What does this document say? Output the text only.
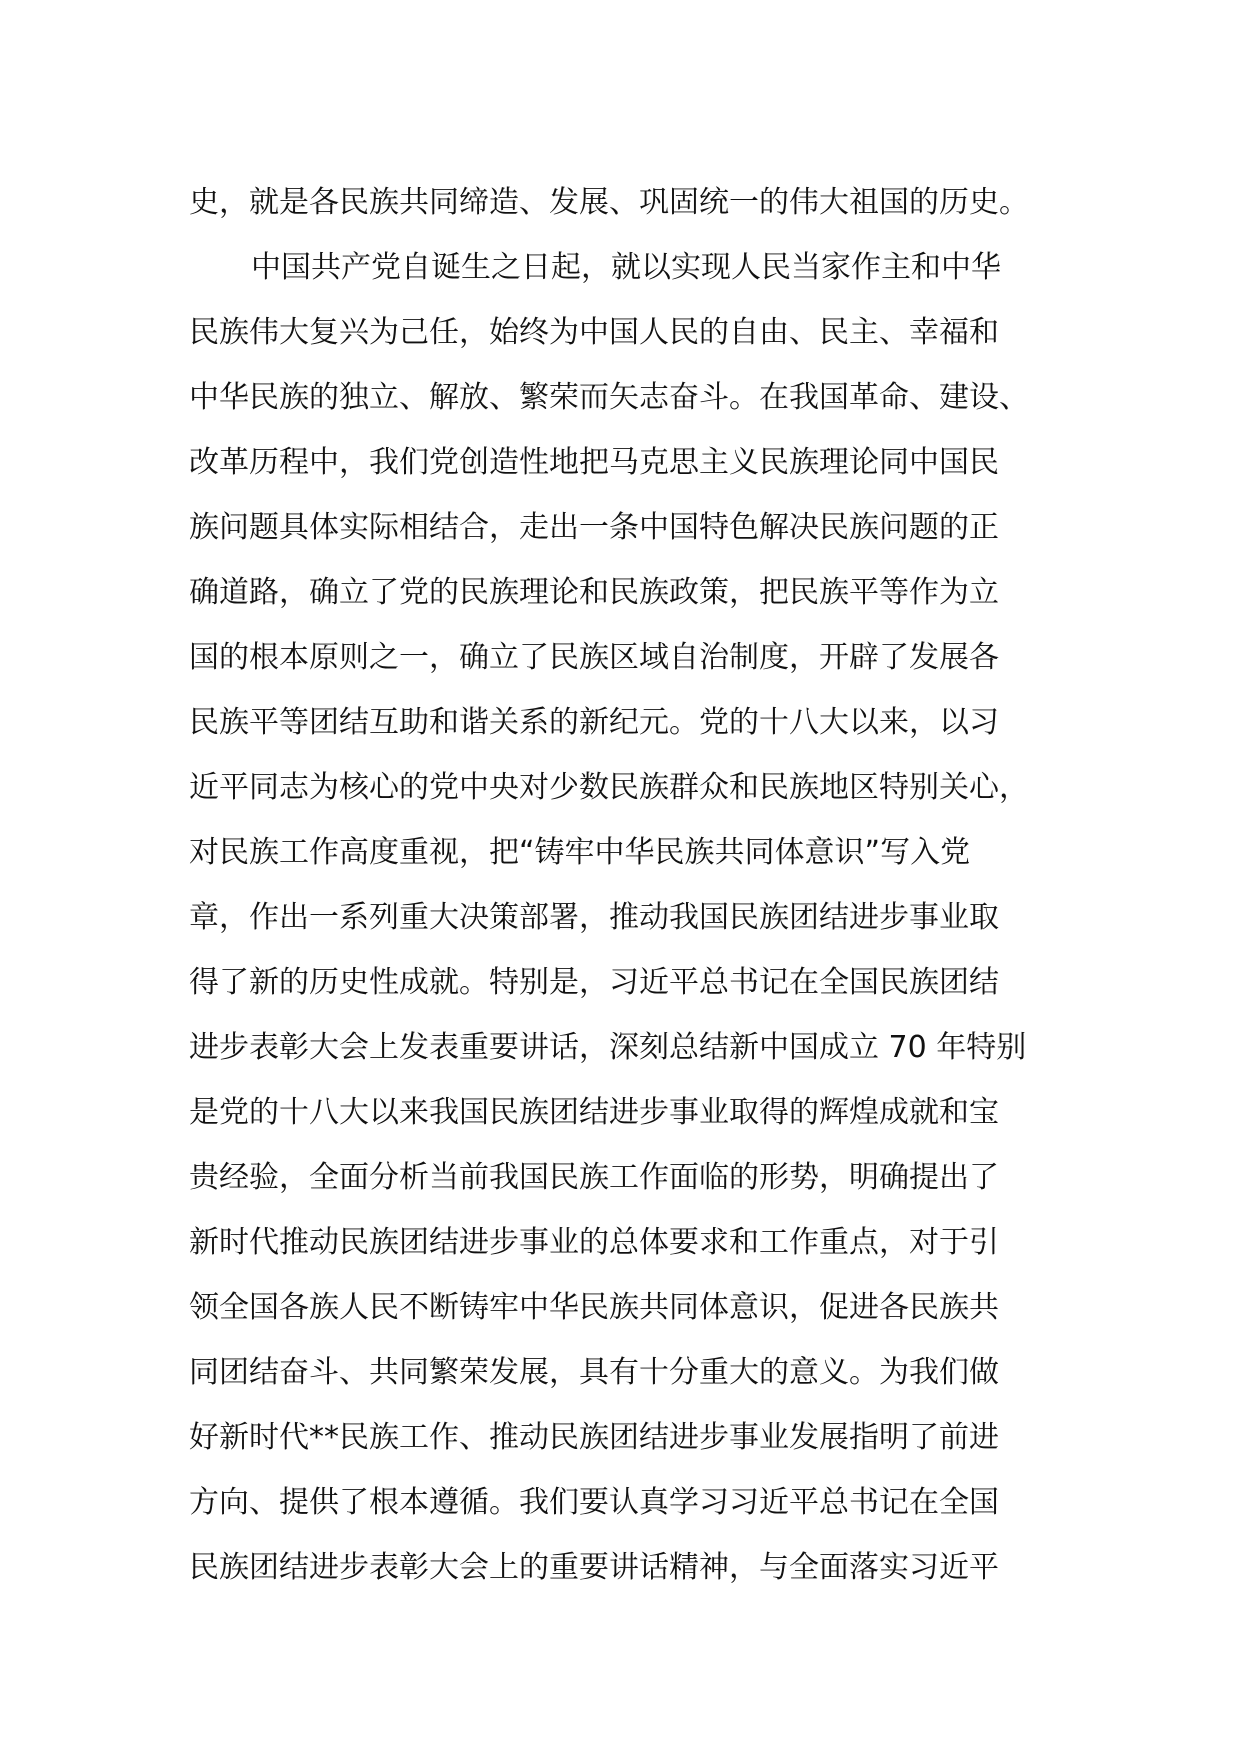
史，就是各民族共同缔造、发展、巩固统一的伟大祖国的历史。
中国共产党自诞生之日起，就以实现人民当家作主和中华
民族伟大复兴为己任，始终为中国人民的自由、民主、幸福和
中华民族的独立、解放、繁荣而矢志奋斗。在我国革命、建设、
改革历程中，我们党创造性地把马克思主义民族理论同中国民
族问题具体实际相结合，走出一条中国特色解决民族问题的正
确道路，确立了党的民族理论和民族政策，把民族平等作为立
国的根本原则之一，确立了民族区域自治制度，开辟了发展各
民族平等团结互助和谐关系的新纪元。党的十八大以来，以习
近平同志为核心的党中央对少数民族群众和民族地区特别关心，
对民族工作高度重视，把“铸牢中华民族共同体意识”写入党
章，作出一系列重大决策部署，推动我国民族团结进步事业取
得了新的历史性成就。特别是，习近平总书记在全国民族团结
进步表彰大会上发表重要讲话，深刻总结新中国成立 70 年特别
是党的十八大以来我国民族团结进步事业取得的辉煌成就和宝
贵经验，全面分析当前我国民族工作面临的形势，明确提出了
新时代推动民族团结进步事业的总体要求和工作重点，对于引
领全国各族人民不断铸牢中华民族共同体意识，促进各民族共
同团结奋斗、共同繁荣发展，具有十分重大的意义。为我们做
好新时代**民族工作、推动民族团结进步事业发展指明了前进
方向、提供了根本遵循。我们要认真学习习近平总书记在全国
民族团结进步表彰大会上的重要讲话精神，与全面落实习近平
